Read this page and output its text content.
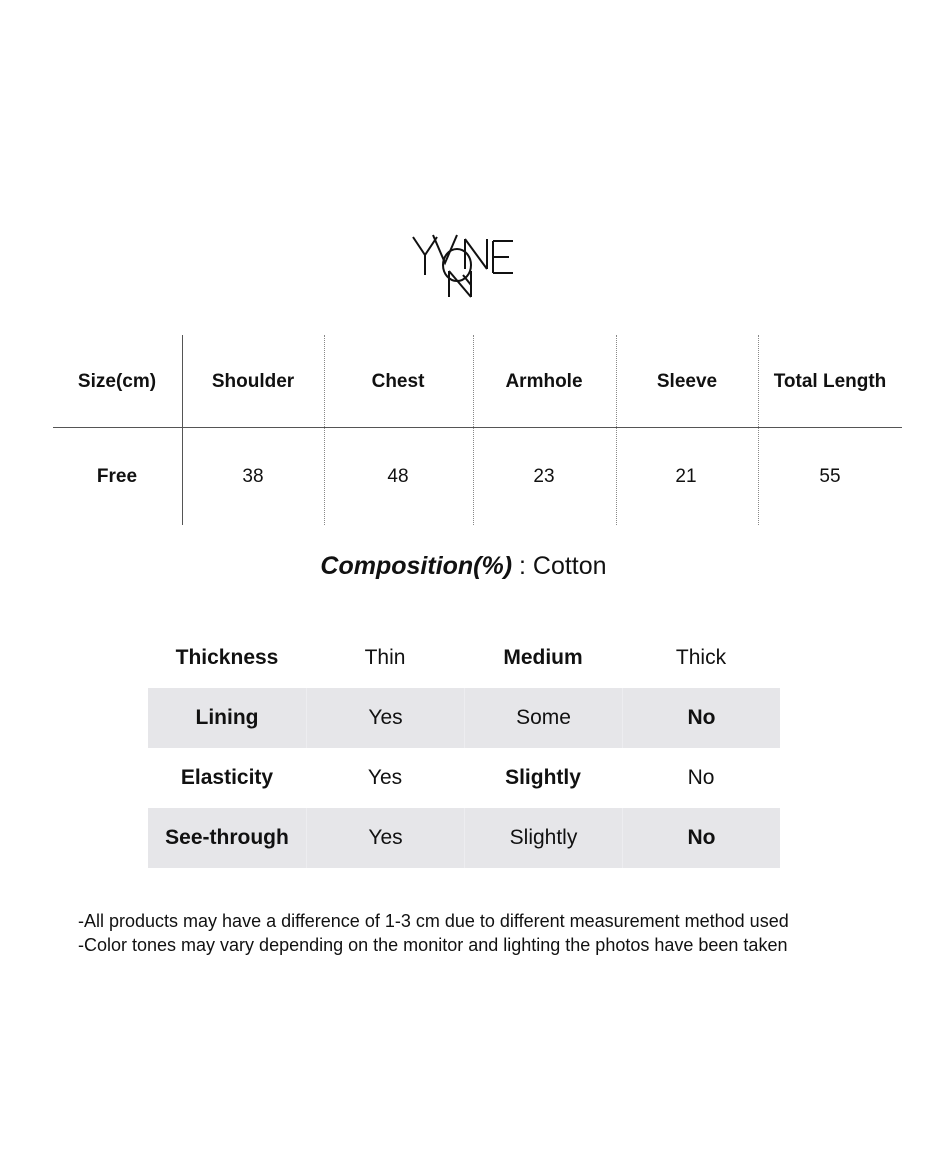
Size(cm)	Shoulder	Chest	Armhole	Sleeve	Total Length
Free	38	48	23	21	55
Composition(%) : Cotton
Thickness	Thin	Medium	Thick
Lining	Yes	Some	No
Elasticity	Yes	Slightly	No
See-through	Yes	Slightly	No
-All products may have a difference of 1-3 cm due to different measurement method used
-Color tones may vary depending on the monitor and lighting the photos have been taken
